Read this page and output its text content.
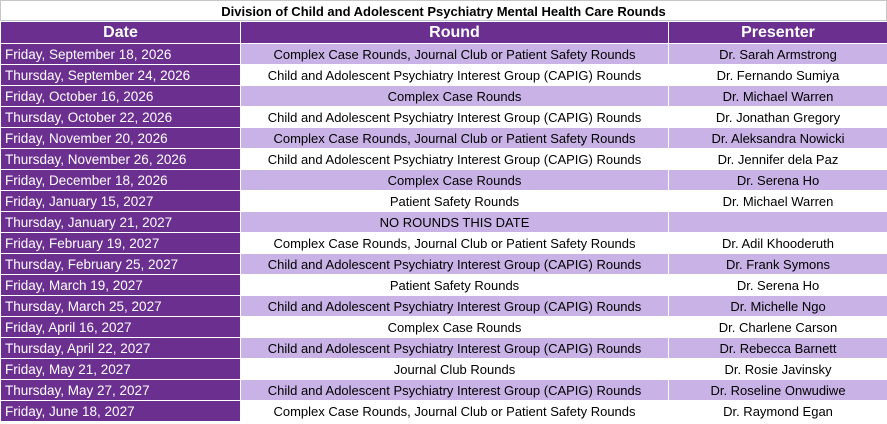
Division of Child and Adolescent Psychiatry Mental Health Care Rounds
Date	Round	Presenter
Friday, September 18, 2026	Complex Case Rounds, Journal Club or Patient Safety Rounds	Dr. Sarah Armstrong
Thursday, September 24, 2026	Child and Adolescent Psychiatry Interest Group (CAPIG) Rounds	Dr. Fernando Sumiya
Friday, October 16, 2026	Complex Case Rounds	Dr. Michael Warren
Thursday, October 22, 2026	Child and Adolescent Psychiatry Interest Group (CAPIG) Rounds	Dr. Jonathan Gregory
Friday, November 20, 2026	Complex Case Rounds, Journal Club or Patient Safety Rounds	Dr. Aleksandra Nowicki
Thursday, November 26, 2026	Child and Adolescent Psychiatry Interest Group (CAPIG) Rounds	Dr. Jennifer dela Paz
Friday, December 18, 2026	Complex Case Rounds	Dr. Serena Ho
Friday, January 15, 2027	Patient Safety Rounds	Dr. Michael Warren
Thursday, January 21, 2027	NO ROUNDS THIS DATE	
Friday, February 19, 2027	Complex Case Rounds, Journal Club or Patient Safety Rounds	Dr. Adil Khooderuth
Thursday, February 25, 2027	Child and Adolescent Psychiatry Interest Group (CAPIG) Rounds	Dr. Frank Symons
Friday, March 19, 2027	Patient Safety Rounds	Dr. Serena Ho
Thursday, March 25, 2027	Child and Adolescent Psychiatry Interest Group (CAPIG) Rounds	Dr. Michelle Ngo
Friday, April 16, 2027	Complex Case Rounds	Dr. Charlene Carson
Thursday, April 22, 2027	Child and Adolescent Psychiatry Interest Group (CAPIG) Rounds	Dr. Rebecca Barnett
Friday, May 21, 2027	Journal Club Rounds	Dr. Rosie Javinsky
Thursday, May 27, 2027	Child and Adolescent Psychiatry Interest Group (CAPIG) Rounds	Dr. Roseline Onwudiwe
Friday, June 18, 2027	Complex Case Rounds, Journal Club or Patient Safety Rounds	Dr. Raymond Egan
